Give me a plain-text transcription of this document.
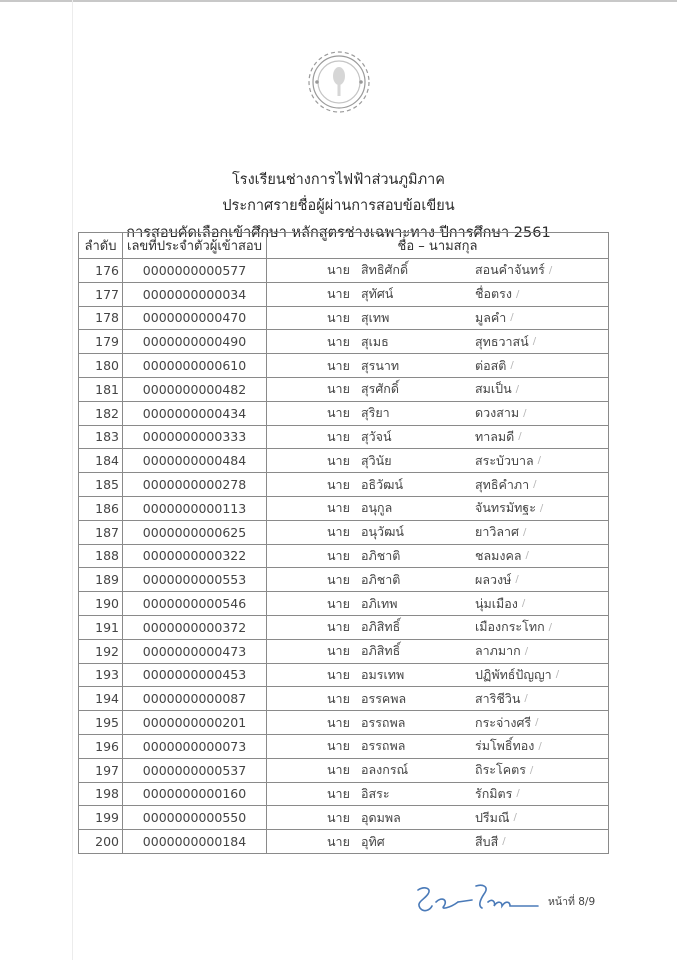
โรงเรียนช่างการไฟฟ้าส่วนภูมิภาค
ประกาศรายชื่อผู้ผ่านการสอบข้อเขียน
การสอบคัดเลือกเข้าศึกษา หลักสูตรช่างเฉพาะทาง ปีการศึกษา 2561
ลำดับ	เลขที่ประจำตัวผู้เข้าสอบ	ชื่อ – นามสกุล
176	0000000000577	นาย สิทธิศักดิ์ สอนคำจันทร์ /

177	0000000000034	นาย สุทัศน์ ชื่อตรง /

178	0000000000470	นาย สุเทพ มูลคำ /

179	0000000000490	นาย สุเมธ สุทธวาสน์ /

180	0000000000610	นาย สุรนาท ต่อสติ /

181	0000000000482	นาย สุรศักดิ์ สมเป็น /

182	0000000000434	นาย สุริยา ดวงสาม /

183	0000000000333	นาย สุวัจน์ ทาลมดี /

184	0000000000484	นาย สุวินัย สระบัวบาล /

185	0000000000278	นาย อธิวัฒน์ สุทธิคำภา /

186	0000000000113	นาย อนุกูล จันทรมัทฐะ /

187	0000000000625	นาย อนุวัฒน์ ยาวิลาศ /

188	0000000000322	นาย อภิชาติ ชลมงคล /

189	0000000000553	นาย อภิชาติ ผลวงษ์ /

190	0000000000546	นาย อภิเทพ นุ่มเมือง /

191	0000000000372	นาย อภิสิทธิ์ เมืองกระโทก /

192	0000000000473	นาย อภิสิทธิ์ ลาภมาก /

193	0000000000453	นาย อมรเทพ ปฏิพัทธ์ปัญญา /

194	0000000000087	นาย อรรคพล สาริชีวิน /

195	0000000000201	นาย อรรถพล กระจ่างศรี /

196	0000000000073	นาย อรรถพล ร่มโพธิ์ทอง /

197	0000000000537	นาย อลงกรณ์ ถิระโคตร /

198	0000000000160	นาย อิสระ รักมิตร /

199	0000000000550	นาย อุดมพล ปรีมณี /

200	0000000000184	นาย อุทิศ สีบสี /
หน้าที่ 8/9
